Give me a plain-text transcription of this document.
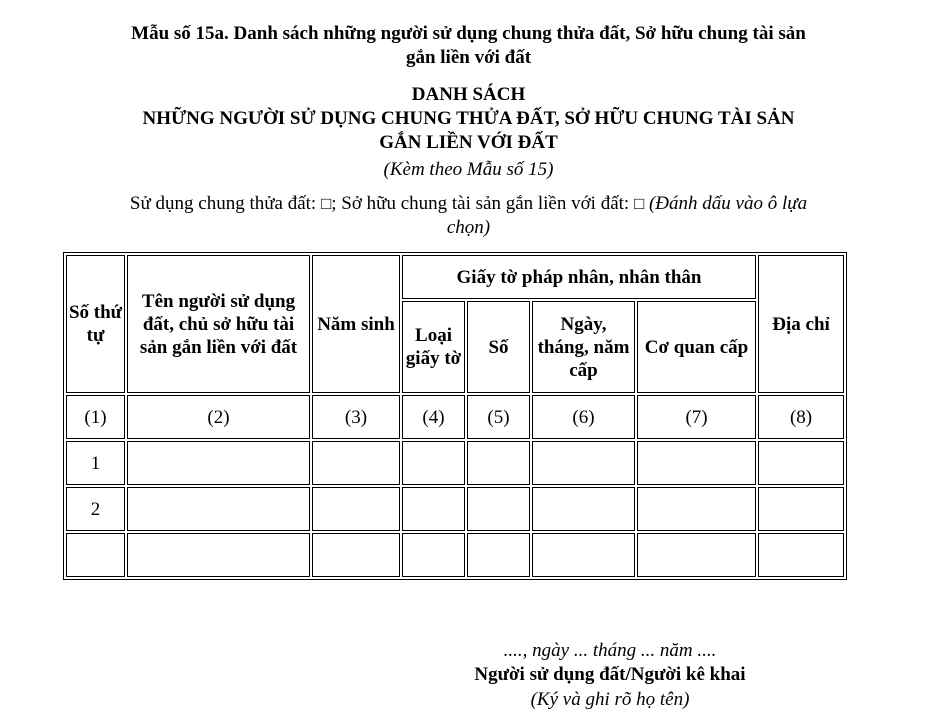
Mẫu số 15a. Danh sách những người sử dụng chung thửa đất, Sở hữu chung tài sản
gắn liền với đất
DANH SÁCH
NHỮNG NGƯỜI SỬ DỤNG CHUNG THỬA ĐẤT, SỞ HỮU CHUNG TÀI SẢN
GẮN LIỀN VỚI ĐẤT
(Kèm theo Mẫu số 15)
Sử dụng chung thửa đất: □; Sở hữu chung tài sản gắn liền với đất: □ (Đánh dấu vào ô lựa
chọn)
Số thứ tự	Tên người sử dụng đất, chủ sở hữu tài sản gắn liền với đất	Năm sinh	Giấy tờ pháp nhân, nhân thân				Địa chỉ
			Loại giấy tờ	Số	Ngày, tháng, năm cấp	Cơ quan cấp	
(1)	(2)	(3)	(4)	(5)	(6)	(7)	(8)
1							
2							

...., ngày ... tháng ... năm ....
Người sử dụng đất/Người kê khai
(Ký và ghi rõ họ tên)
